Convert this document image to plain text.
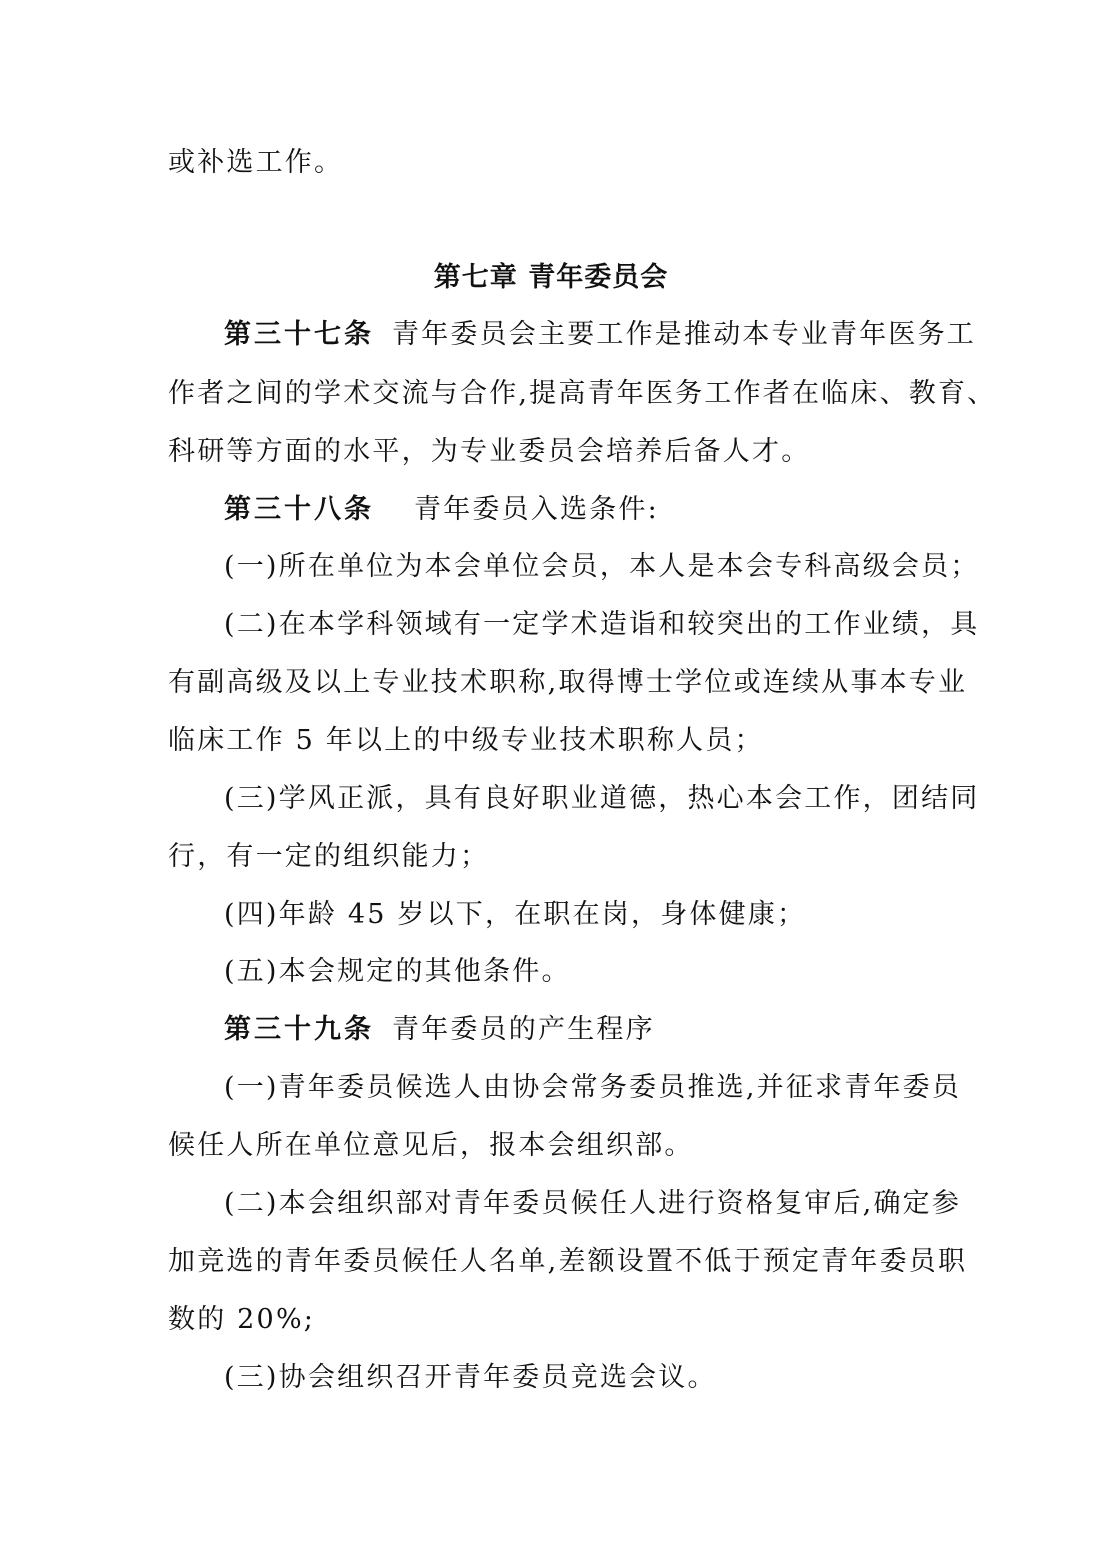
或补选工作。
第七章 青年委员会
第三十七条 青年委员会主要工作是推动本专业青年医务工
作者之间的学术交流与合作,提高青年医务工作者在临床、教育、
科研等方面的水平，为专业委员会培养后备人才。
第三十八条 青年委员入选条件:
(一)所在单位为本会单位会员，本人是本会专科高级会员；
(二)在本学科领域有一定学术造诣和较突出的工作业绩，具
有副高级及以上专业技术职称,取得博士学位或连续从事本专业
临床工作 5 年以上的中级专业技术职称人员；
(三)学风正派，具有良好职业道德，热心本会工作，团结同
行，有一定的组织能力；
(四)年龄 45 岁以下，在职在岗，身体健康；
(五)本会规定的其他条件。
第三十九条 青年委员的产生程序
(一)青年委员候选人由协会常务委员推选,并征求青年委员
候任人所在单位意见后，报本会组织部。
(二)本会组织部对青年委员候任人进行资格复审后,确定参
加竞选的青年委员候任人名单,差额设置不低于预定青年委员职
数的 20%;
(三)协会组织召开青年委员竞选会议。
